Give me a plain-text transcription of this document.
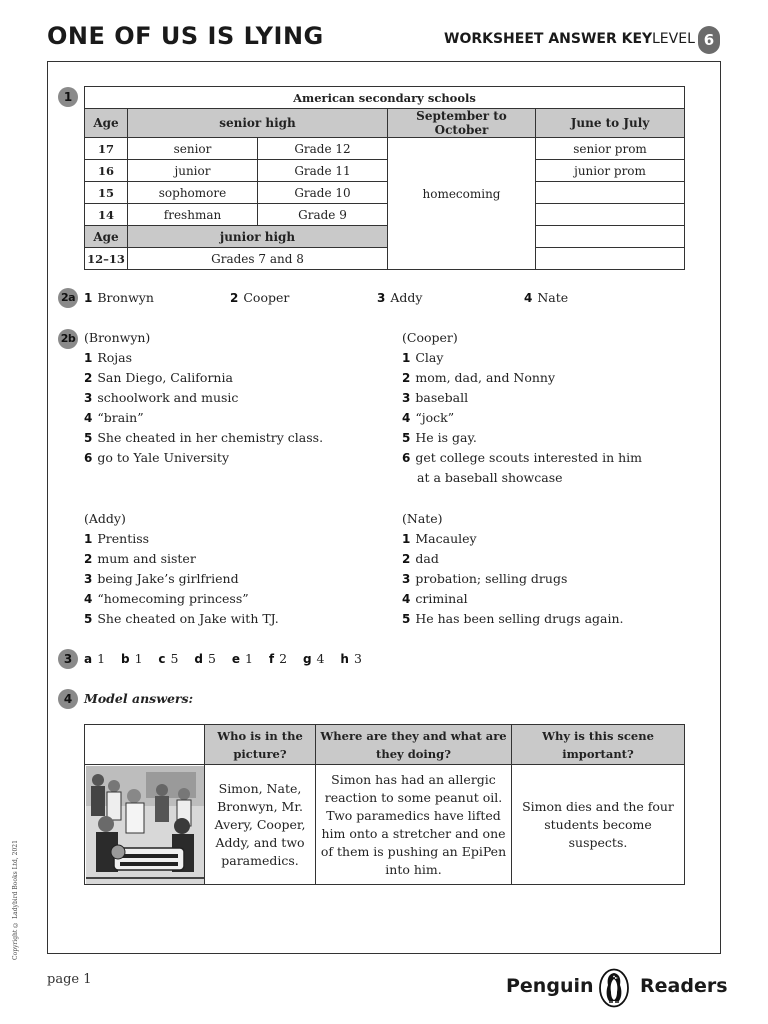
ONE OF US IS LYING	WORKSHEET ANSWER KEY LEVEL 6
1	American secondary schools				
Age	senior high		September to October	June to July
17	senior	Grade 12	homecoming	senior prom
16	junior	Grade 11		junior prom
15	sophomore	Grade 10		
14	freshman	Grade 9		
Age	junior high			
12–13	Grades 7 and 8			
2a 1 Bronwyn	2 Cooper	3 Addy	4 Nate
2b (Bronwyn)
1 Rojas
2 San Diego, California
3 schoolwork and music
4 “brain”
5 She cheated in her chemistry class.
6 go to Yale University
(Cooper)
1 Clay
2 mom, dad, and Nonny
3 baseball
4 “jock”
5 He is gay.
6 get college scouts interested in him
at a baseball showcase
(Addy)
1 Prentiss
2 mum and sister
3 being Jake’s girlfriend
4 “homecoming princess”
5 She cheated on Jake with TJ.
(Nate)
1 Macauley
2 dad
3 probation; selling drugs
4 criminal
5 He has been selling drugs again.
3 a 1 b 1 c 5 d 5 e 1 f 2 g 4 h 3
4 Model answers:
	Who is in the picture?	Where are they and what are they doing?	Why is this scene important?

	Simon, Nate, Bronwyn, Mr. Avery, Cooper, Addy, and two paramedics.	Simon has had an allergic reaction to some peanut oil. Two paramedics have lifted him onto a stretcher and one of them is pushing an EpiPen into him.	Simon dies and the four students become suspects.
Copyright © Ladybird Books Ltd, 2021
page 1	Penguin Readers
